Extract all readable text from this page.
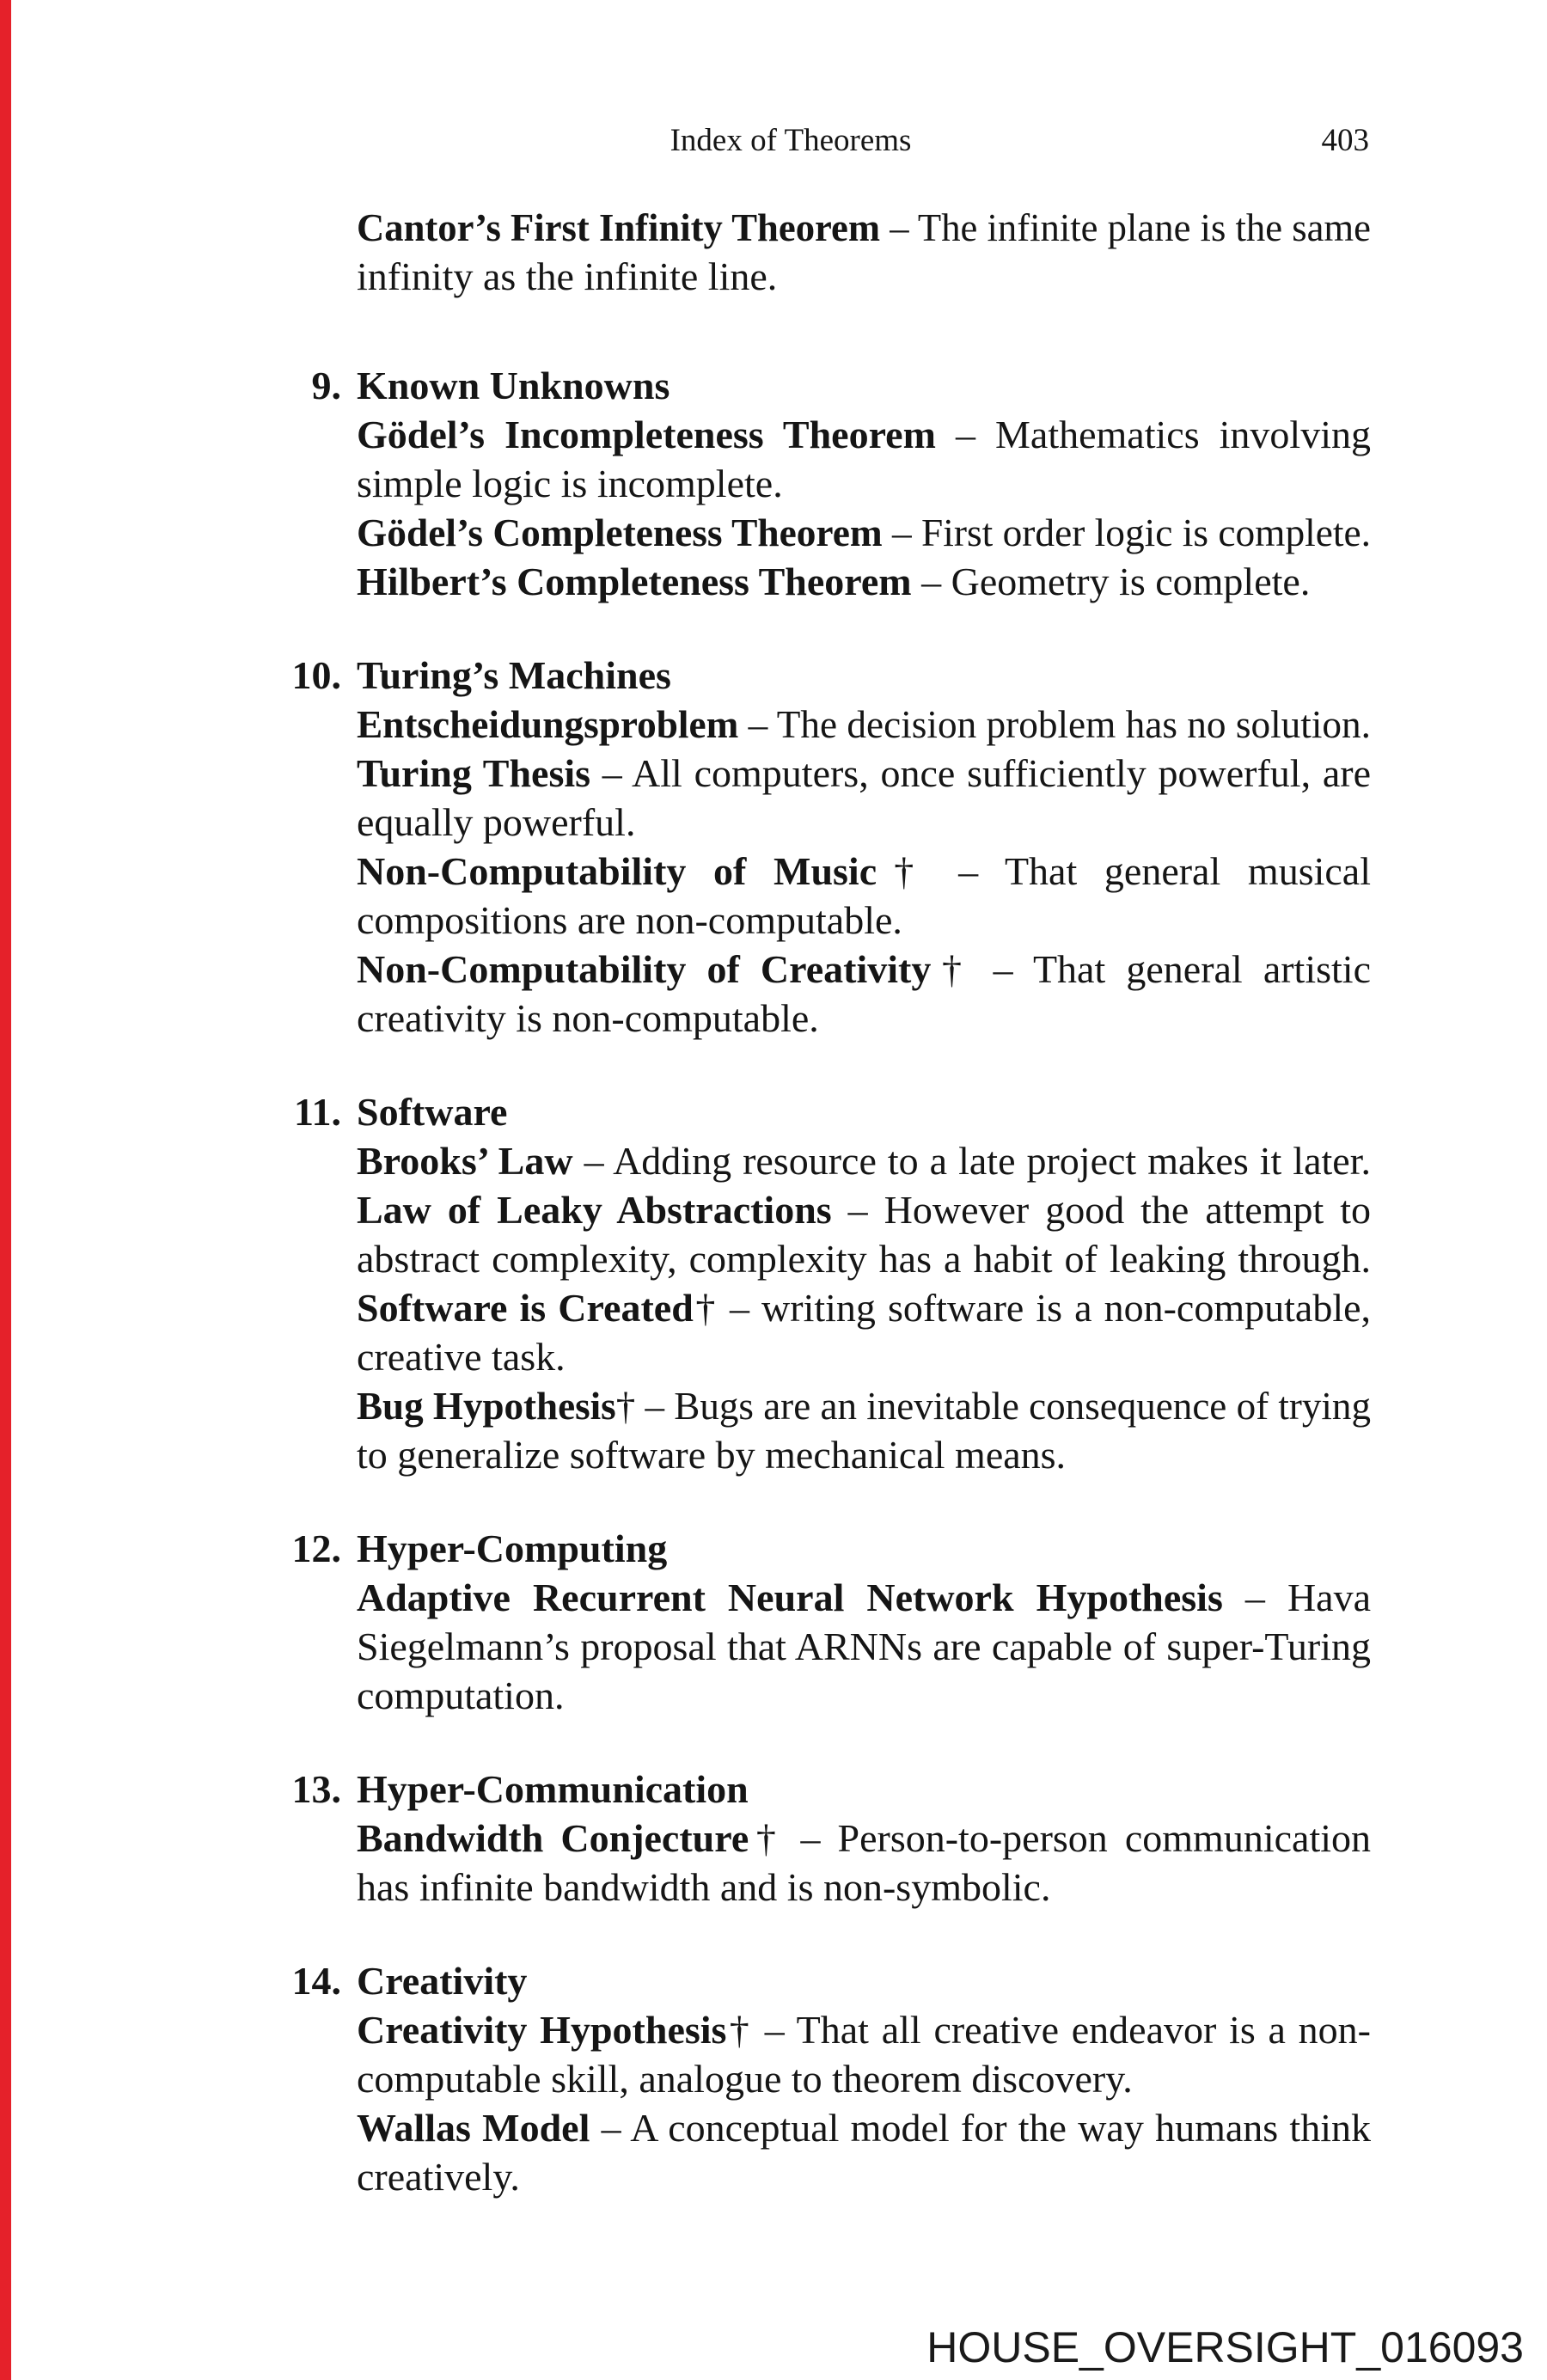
Index of Theorems	403
Cantor’s First Infinity Theorem – The infinite plane is the same
infinity as the infinite line.
9. Known Unknowns
Gödel’s Incompleteness Theorem – Mathematics involving
simple logic is incomplete.
Gödel’s Completeness Theorem – First order logic is complete.
Hilbert’s Completeness Theorem – Geometry is complete.
10. Turing’s Machines
Entscheidungsproblem – The decision problem has no solution.
Turing Thesis – All computers, once sufficiently powerful, are
equally powerful.
Non-Computability of Music† – That general musical
compositions are non-computable.
Non-Computability of Creativity† – That general artistic
creativity is non-computable.
11. Software
Brooks’ Law – Adding resource to a late project makes it later.
Law of Leaky Abstractions – However good the attempt to
abstract complexity, complexity has a habit of leaking through.
Software is Created† – writing software is a non-computable,
creative task.
Bug Hypothesis† – Bugs are an inevitable consequence of trying
to generalize software by mechanical means.
12. Hyper-Computing
Adaptive Recurrent Neural Network Hypothesis – Hava
Siegelmann’s proposal that ARNNs are capable of super-Turing
computation.
13. Hyper-Communication
Bandwidth Conjecture† – Person-to-person communication
has infinite bandwidth and is non-symbolic.
14. Creativity
Creativity Hypothesis† – That all creative endeavor is a non-
computable skill, analogue to theorem discovery.
Wallas Model – A conceptual model for the way humans think
creatively.
HOUSE_OVERSIGHT_016093
